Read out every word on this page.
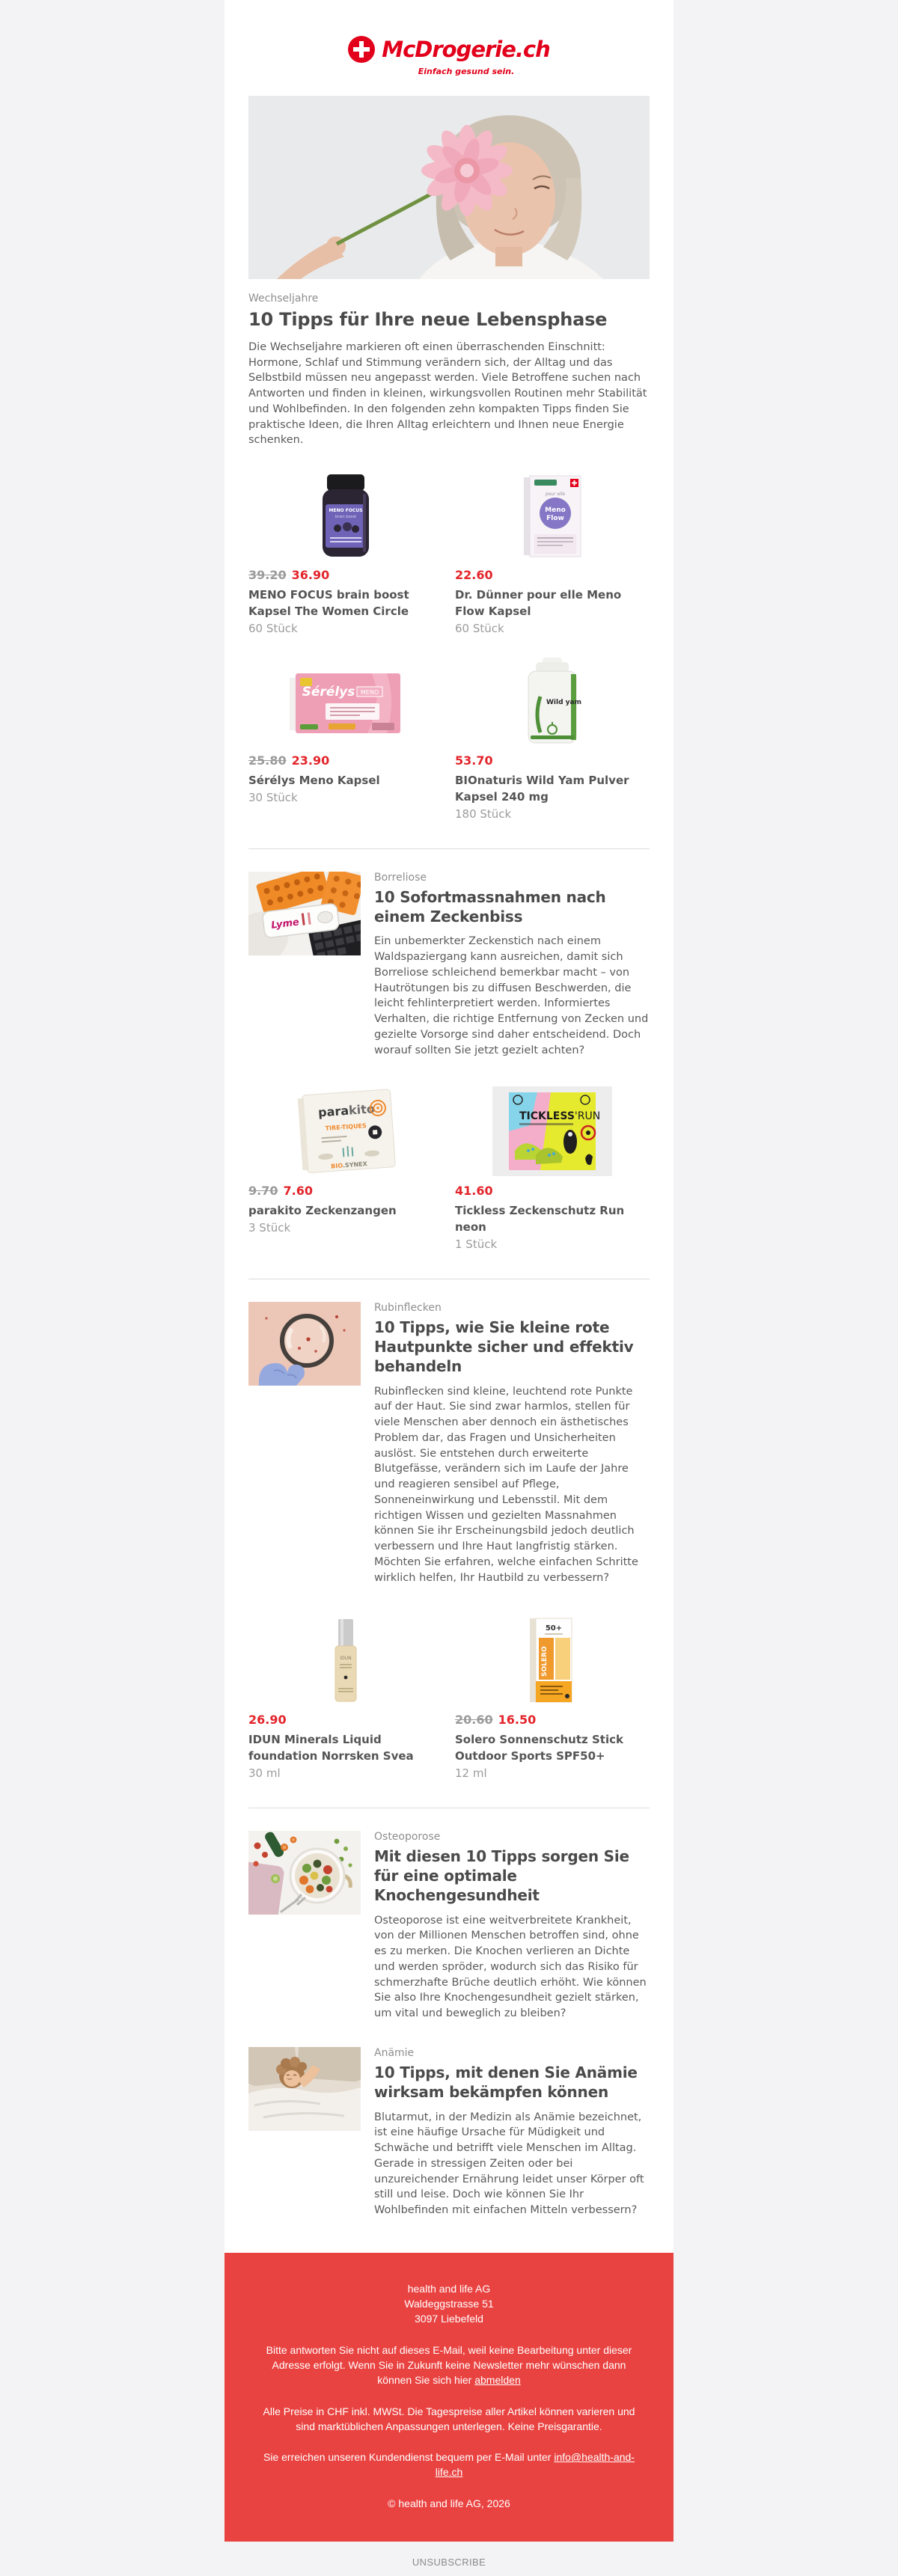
McDrogerie.ch
Einfach gesund sein.
Wechseljahre
10 Tipps für Ihre neue Lebensphase

Die Wechseljahre markieren oft einen überraschenden Einschnitt: Hormone, Schlaf und Stimmung verändern sich, der Alltag und das Selbstbild müssen neu angepasst werden. Viele Betroffene suchen nach Antworten und finden in kleinen, wirkungsvollen Routinen mehr Stabilität und Wohlbefinden. In den folgenden zehn kompakten Tipps finden Sie praktische Ideen, die Ihren Alltag erleichtern und Ihnen neue Energie schenken.

MENO FOCUS
brain boost
39.20 36.90
MENO FOCUS brain boost Kapsel The Women Circle
60 Stück
pour elle
Meno
Flow
22.60
Dr. Dünner pour elle Meno Flow Kapsel
60 Stück
Sérélys MENO
25.80 23.90
Sérélys Meno Kapsel
30 Stück
Wild yam
53.70
BIOnaturis Wild Yam Pulver Kapsel 240 mg
180 Stück
Lyme
Borreliose
10 Sofortmassnahmen nach einem Zeckenbiss

Ein unbemerkter Zeckenstich nach einem Waldspaziergang kann ausreichen, damit sich Borreliose schleichend bemerkbar macht – von Hautrötungen bis zu diffusen Beschwerden, die leicht fehlinterpretiert werden. Informiertes Verhalten, die richtige Entfernung von Zecken und gezielte Vorsorge sind daher entscheidend. Doch worauf sollten Sie jetzt gezielt achten?

parakito
TIRE-TIQUES
BIO.SYNEX
9.70 7.60
parakito Zeckenzangen
3 Stück
TICKLESS'RUN
41.60
Tickless Zeckenschutz Run neon
1 Stück
Rubinflecken
10 Tipps, wie Sie kleine rote Hautpunkte sicher und effektiv behandeln

Rubinflecken sind kleine, leuchtend rote Punkte auf der Haut. Sie sind zwar harmlos, stellen für viele Menschen aber dennoch ein ästhetisches Problem dar, das Fragen und Unsicherheiten auslöst. Sie entstehen durch erweiterte Blutgefässe, verändern sich im Laufe der Jahre und reagieren sensibel auf Pflege, Sonneneinwirkung und Lebensstil. Mit dem richtigen Wissen und gezielten Massnahmen können Sie ihr Erscheinungsbild jedoch deutlich verbessern und Ihre Haut langfristig stärken. Möchten Sie erfahren, welche einfachen Schritte wirklich helfen, Ihr Hautbild zu verbessern?

IDUN
26.90
IDUN Minerals Liquid foundation Norrsken Svea
30 ml
50+
SOLERO
20.60 16.50
Solero Sonnenschutz Stick Outdoor Sports SPF50+
12 ml
Osteoporose
Mit diesen 10 Tipps sorgen Sie für eine optimale Knochengesundheit

Osteoporose ist eine weitverbreitete Krankheit, von der Millionen Menschen betroffen sind, ohne es zu merken. Die Knochen verlieren an Dichte und werden spröder, wodurch sich das Risiko für schmerzhafte Brüche deutlich erhöht. Wie können Sie also Ihre Knochengesundheit gezielt stärken, um vital und beweglich zu bleiben?

Anämie
10 Tipps, mit denen Sie Anämie wirksam bekämpfen können

Blutarmut, in der Medizin als Anämie bezeichnet, ist eine häufige Ursache für Müdigkeit und Schwäche und betrifft viele Menschen im Alltag. Gerade in stressigen Zeiten oder bei unzureichender Ernährung leidet unser Körper oft still und leise. Doch wie können Sie Ihr Wohlbefinden mit einfachen Mitteln verbessern?

health and life AG
Waldeggstrasse 51
3097 Liebefeld

Bitte antworten Sie nicht auf dieses E-Mail, weil keine Bearbeitung unter dieser Adresse erfolgt. Wenn Sie in Zukunft keine Newsletter mehr wünschen dann können Sie sich hier abmelden

Alle Preise in CHF inkl. MWSt. Die Tagespreise aller Artikel können varieren und sind marktüblichen Anpassungen unterlegen. Keine Preisgarantie.

Sie erreichen unseren Kundendienst bequem per E-Mail unter info@health-and-life.ch

© health and life AG, 2026

UNSUBSCRIBE
